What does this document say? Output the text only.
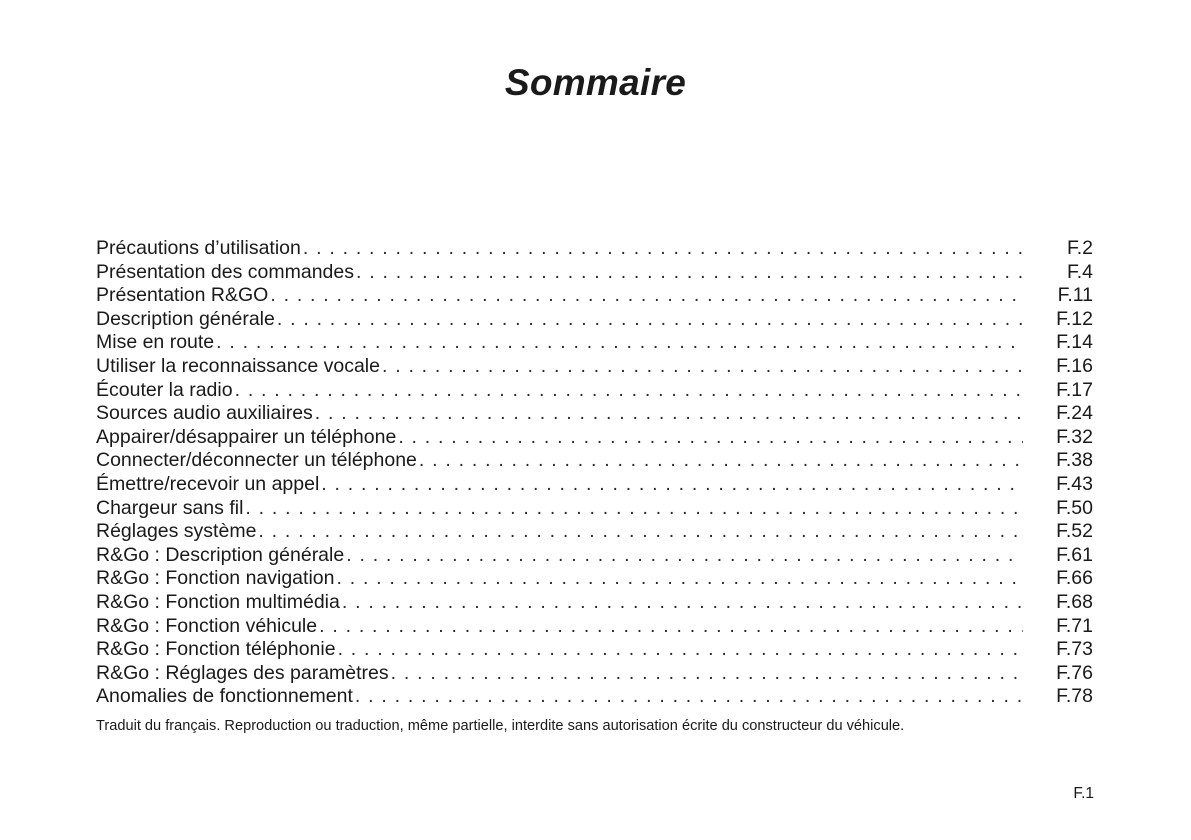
Sommaire
Précautions d’utilisation . . .	F.2
Présentation des commandes . . .	F.4
Présentation R&GO . . .	F.11
Description générale . . .	F.12
Mise en route . . .	F.14
Utiliser la reconnaissance vocale . . .	F.16
Écouter la radio . . .	F.17
Sources audio auxiliaires . . .	F.24
Appairer/désappairer un téléphone . . .	F.32
Connecter/déconnecter un téléphone . . .	F.38
Émettre/recevoir un appel . . .	F.43
Chargeur sans fil . . .	F.50
Réglages système . . .	F.52
R&Go : Description générale . . .	F.61
R&Go : Fonction navigation . . .	F.66
R&Go : Fonction multimédia . . .	F.68
R&Go : Fonction véhicule . . .	F.71
R&Go : Fonction téléphonie . . .	F.73
R&Go : Réglages des paramètres . . .	F.76
Anomalies de fonctionnement . . .	F.78
Traduit du français. Reproduction ou traduction, même partielle, interdite sans autorisation écrite du constructeur du véhicule.
F.1
